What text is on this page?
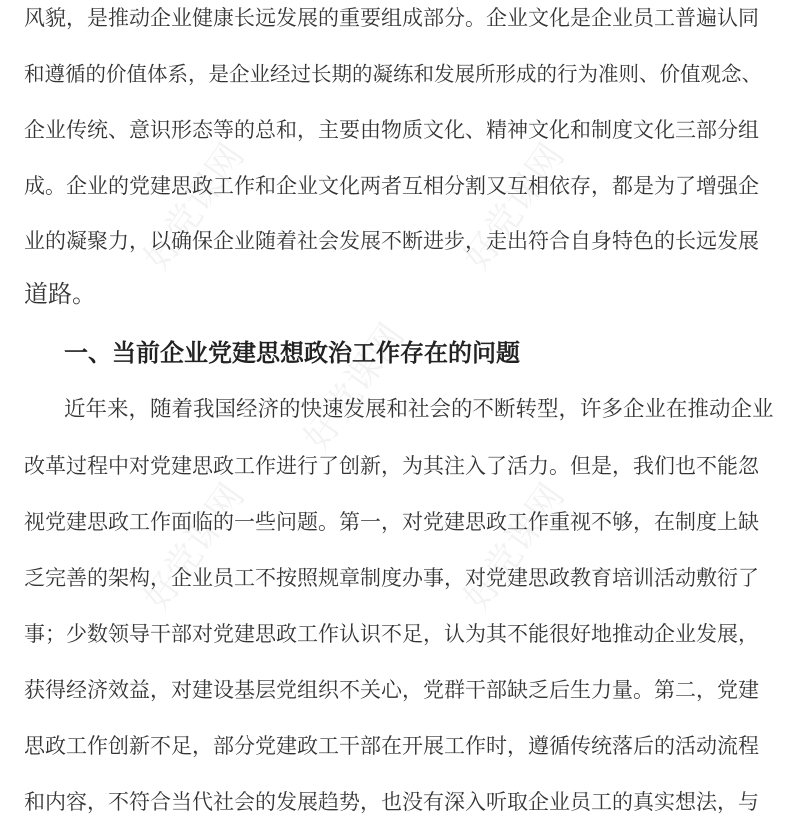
好党课网	好党课网
好党课网
好党课网	好党课网
风貌，是推动企业健康长远发展的重要组成部分。企业文化是企业员工普遍认同
和遵循的价值体系，是企业经过长期的凝练和发展所形成的行为准则、价值观念、
企业传统、意识形态等的总和，主要由物质文化、精神文化和制度文化三部分组
成。企业的党建思政工作和企业文化两者互相分割又互相依存，都是为了增强企
业的凝聚力，以确保企业随着社会发展不断进步，走出符合自身特色的长远发展
道路。
一、当前企业党建思想政治工作存在的问题
近年来，随着我国经济的快速发展和社会的不断转型，许多企业在推动企业
改革过程中对党建思政工作进行了创新，为其注入了活力。但是，我们也不能忽
视党建思政工作面临的一些问题。第一，对党建思政工作重视不够，在制度上缺
乏完善的架构，企业员工不按照规章制度办事，对党建思政教育培训活动敷衍了
事；少数领导干部对党建思政工作认识不足，认为其不能很好地推动企业发展，
获得经济效益，对建设基层党组织不关心，党群干部缺乏后生力量。第二，党建
思政工作创新不足，部分党建政工干部在开展工作时，遵循传统落后的活动流程
和内容，不符合当代社会的发展趋势，也没有深入听取企业员工的真实想法，与
